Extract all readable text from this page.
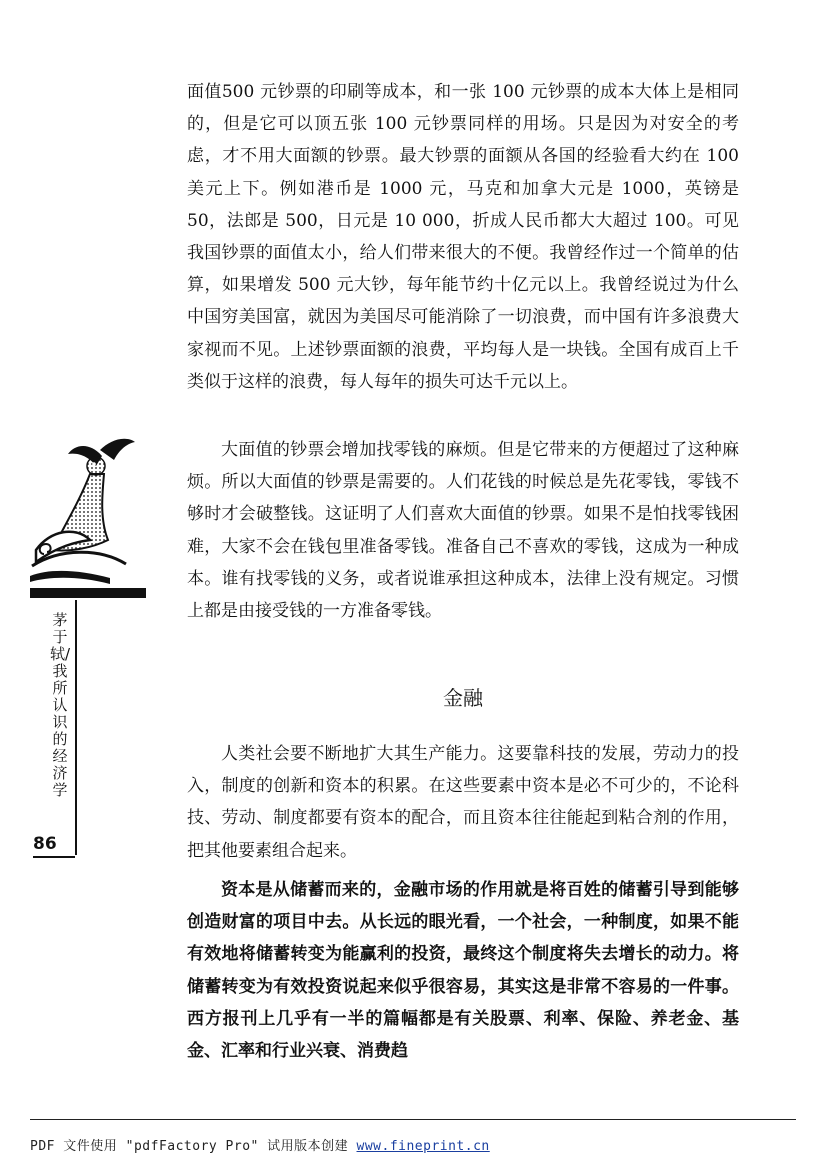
面值500 元钞票的印刷等成本，和一张 100 元钞票的成本大体上是相同的，但是它可以顶五张 100 元钞票同样的用场。只是因为对安全的考虑，才不用大面额的钞票。最大钞票的面额从各国的经验看大约在 100 美元上下。例如港币是 1000 元，马克和加拿大元是 1000，英镑是 50，法郎是 500，日元是 10 000，折成人民币都大大超过 100。可见我国钞票的面值太小，给人们带来很大的不便。我曾经作过一个简单的估算，如果增发 500 元大钞，每年能节约十亿元以上。我曾经说过为什么中国穷美国富，就因为美国尽可能消除了一切浪费，而中国有许多浪费大家视而不见。上述钞票面额的浪费，平均每人是一块钱。全国有成百上千类似于这样的浪费，每人每年的损失可达千元以上。

大面值的钞票会增加找零钱的麻烦。但是它带来的方便超过了这种麻烦。所以大面值的钞票是需要的。人们花钱的时候总是先花零钱，零钱不够时才会破整钱。这证明了人们喜欢大面值的钞票。如果不是怕找零钱困难，大家不会在钱包里准备零钱。准备自己不喜欢的零钱，这成为一种成本。谁有找零钱的义务，或者说谁承担这种成本，法律上没有规定。习惯上都是由接受钱的一方准备零钱。

金融

人类社会要不断地扩大其生产能力。这要靠科技的发展，劳动力的投入，制度的创新和资本的积累。在这些要素中资本是必不可少的，不论科技、劳动、制度都要有资本的配合，而且资本往往能起到粘合剂的作用，把其他要素组合起来。

资本是从储蓄而来的，金融市场的作用就是将百姓的储蓄引导到能够创造财富的项目中去。从长远的眼光看，一个社会，一种制度，如果不能有效地将储蓄转变为能赢利的投资，最终这个制度将失去增长的动力。将储蓄转变为有效投资说起来似乎很容易，其实这是非常不容易的一件事。西方报刊上几乎有一半的篇幅都是有关股票、利率、保险、养老金、基金、汇率和行业兴衰、消费趋

茅于轼/我所认识的经济学
86
PDF 文件使用 "pdfFactory Pro" 试用版本创建 www.fineprint.cn
